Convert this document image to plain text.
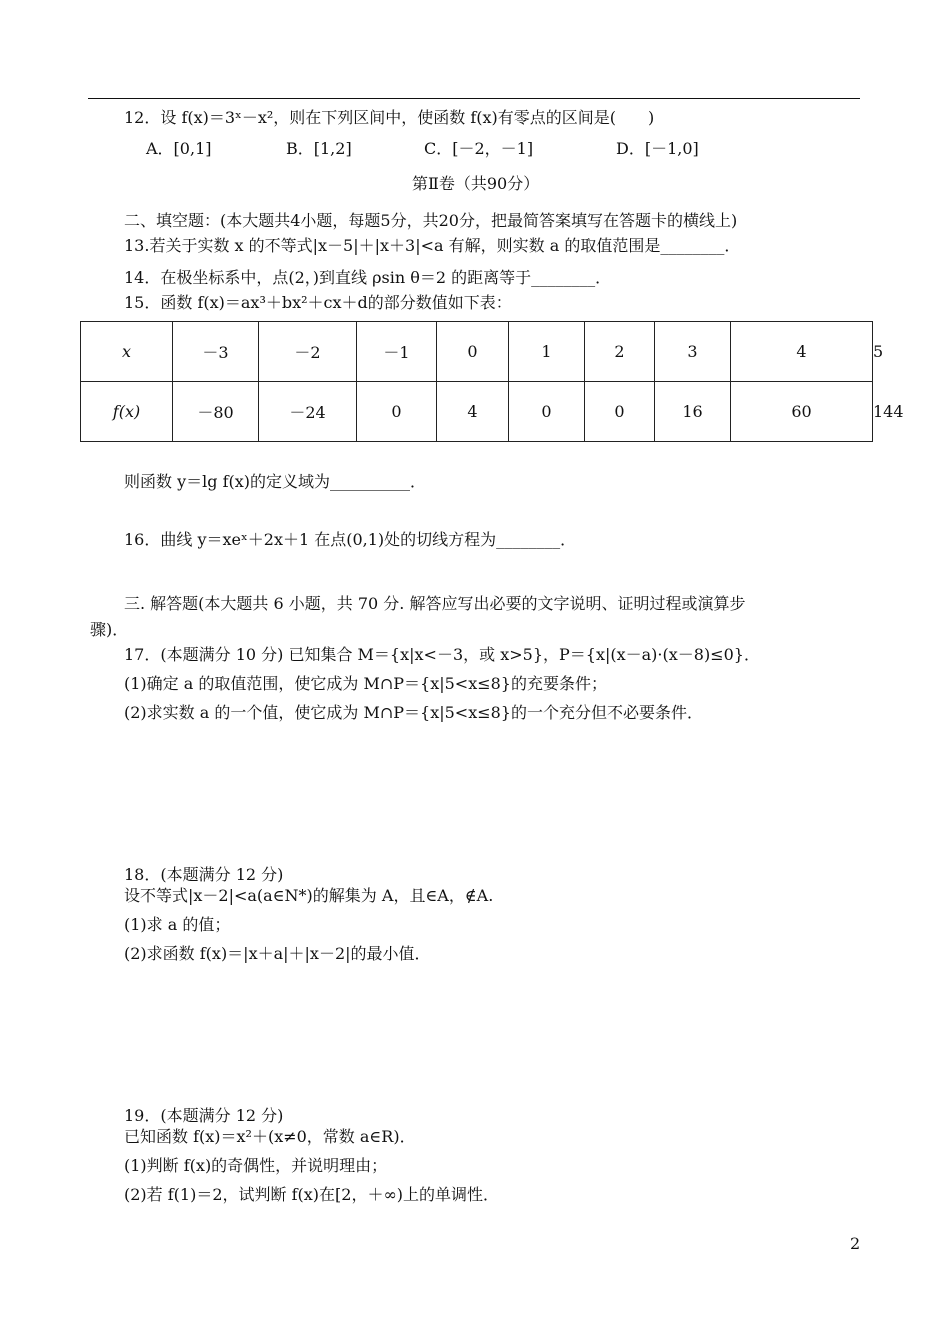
12．设 f(x)＝3ˣ－x²，则在下列区间中，使函数 f(x)有零点的区间是(　　)
A．[0,1]	B．[1,2]	C．[－2，－1]	D．[－1,0]
第Ⅱ卷（共90分）
二、填空题：(本大题共4小题，每题5分，共20分，把最简答案填写在答题卡的横线上)
13.若关于实数 x 的不等式|x－5|＋|x＋3|<a 有解，则实数 a 的取值范围是________．
14．在极坐标系中，点(2，)到直线 ρsin θ＝2 的距离等于________．
15．函数 f(x)＝ax³＋bx²＋cx＋d的部分数值如下表：
x	－3	－2	－1	0	1	2	3	4	5
f(x)	－80	－24	0	4	0	0	16	60	144
则函数 y＝lg f(x)的定义域为__________．
16．曲线 y＝xeˣ＋2x＋1 在点(0,1)处的切线方程为________．
三. 解答题(本大题共 6 小题，共 70 分. 解答应写出必要的文字说明、证明过程或演算步
骤)．
17．(本题满分 10 分) 已知集合 M＝{x|x<－3，或 x>5}，P＝{x|(x－a)·(x－8)≤0}．
(1)确定 a 的取值范围，使它成为 M∩P＝{x|5<x≤8}的充要条件；
(2)求实数 a 的一个值，使它成为 M∩P＝{x|5<x≤8}的一个充分但不必要条件．
18．(本题满分 12 分)
设不等式|x－2|<a(a∈N*)的解集为 A，且∈A，∉A.
(1)求 a 的值；
(2)求函数 f(x)＝|x＋a|＋|x－2|的最小值．
19．(本题满分 12 分)
已知函数 f(x)＝x²＋(x≠0，常数 a∈R)．
(1)判断 f(x)的奇偶性，并说明理由；
(2)若 f(1)＝2，试判断 f(x)在[2，＋∞)上的单调性．
2
